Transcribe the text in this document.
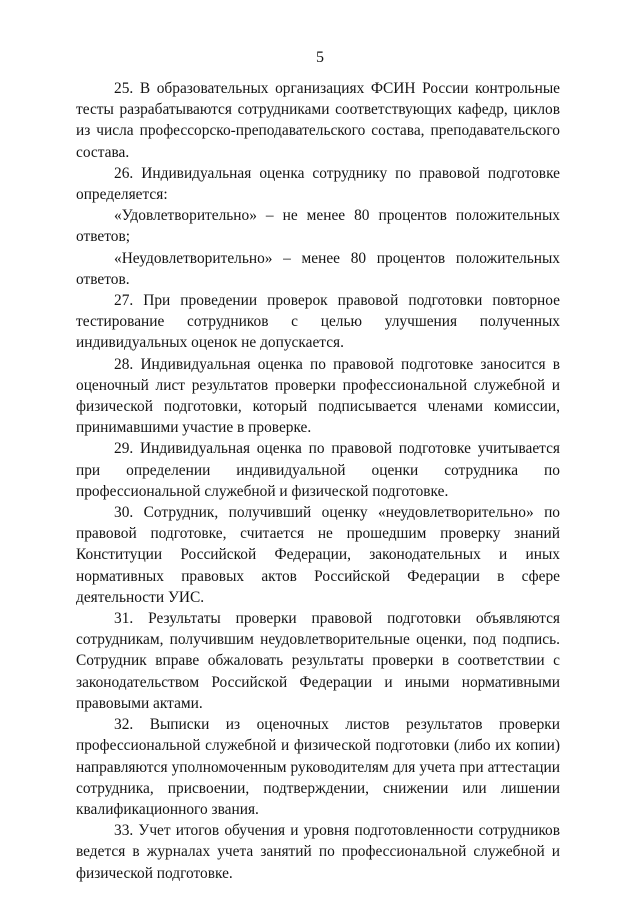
5

25. В образовательных организациях ФСИН России контрольные тесты разрабатываются сотрудниками соответствующих кафедр, циклов из числа профессорско-преподавательского состава, преподавательского состава.

26. Индивидуальная оценка сотруднику по правовой подготовке определяется:

«Удовлетворительно» – не менее 80 процентов положительных ответов;

«Неудовлетворительно» – менее 80 процентов положительных ответов.

27. При проведении проверок правовой подготовки повторное тестирование сотрудников с целью улучшения полученных индивидуальных оценок не допускается.

28. Индивидуальная оценка по правовой подготовке заносится в оценочный лист результатов проверки профессиональной служебной и физической подготовки, который подписывается членами комиссии, принимавшими участие в проверке.

29. Индивидуальная оценка по правовой подготовке учитывается при определении индивидуальной оценки сотрудника по профессиональной служебной и физической подготовке.

30. Сотрудник, получивший оценку «неудовлетворительно» по правовой подготовке, считается не прошедшим проверку знаний Конституции Российской Федерации, законодательных и иных нормативных правовых актов Российской Федерации в сфере деятельности УИС.

31. Результаты проверки правовой подготовки объявляются сотрудникам, получившим неудовлетворительные оценки, под подпись. Сотрудник вправе обжаловать результаты проверки в соответствии с законодательством Российской Федерации и иными нормативными правовыми актами.

32. Выписки из оценочных листов результатов проверки профессиональной служебной и физической подготовки (либо их копии) направляются уполномоченным руководителям для учета при аттестации сотрудника, присвоении, подтверждении, снижении или лишении квалификационного звания.

33. Учет итогов обучения и уровня подготовленности сотрудников ведется в журналах учета занятий по профессиональной служебной и физической подготовке.
